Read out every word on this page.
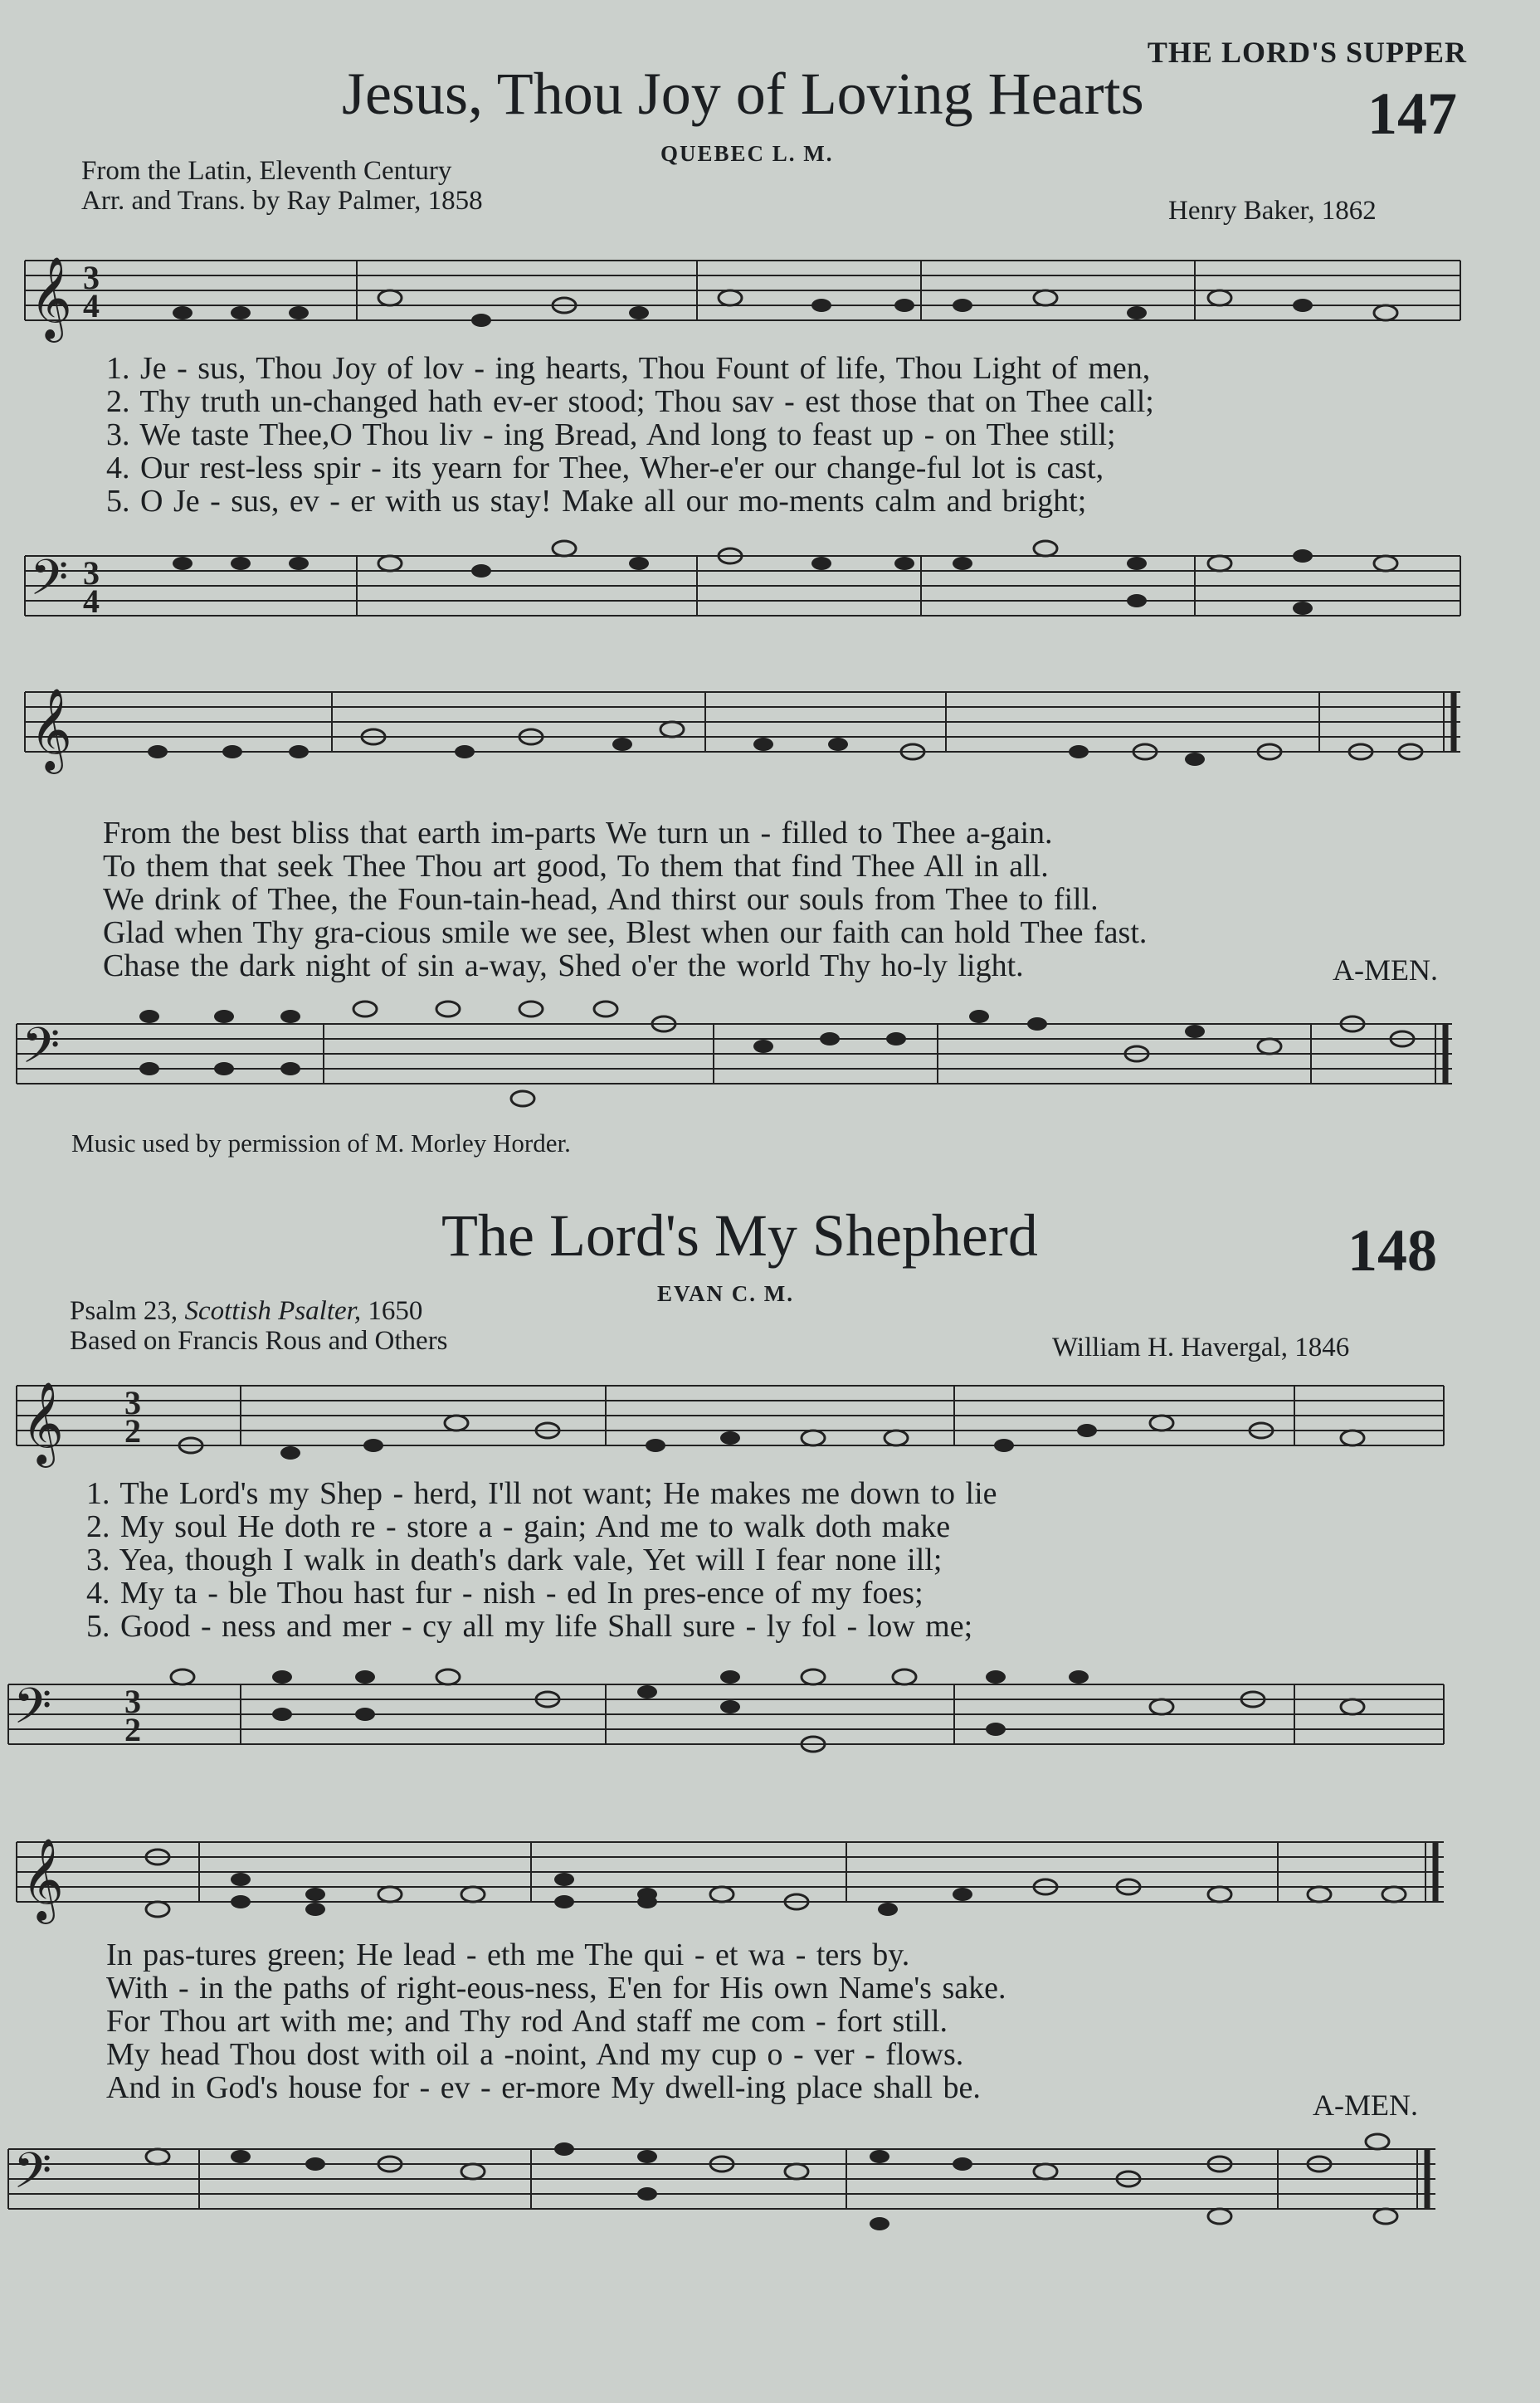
THE LORD'S SUPPER
Jesus, Thou Joy of Loving Hearts	147
QUEBEC L. M.
From the Latin, Eleventh Century
Arr. and Trans. by Ray Palmer, 1858	Henry Baker, 1862
𝄞 3
4
1. Je - sus, Thou Joy of lov - ing hearts, Thou Fount of life, Thou Light of men,
2. Thy truth un-changed hath ev-er stood; Thou sav - est those that on Thee call;
3. We taste Thee,O Thou liv - ing Bread, And long to feast up - on Thee still;
4. Our rest-less spir - its yearn for Thee, Wher-e'er our change-ful lot is cast,
5. O Je - sus, ev - er with us stay! Make all our mo-ments calm and bright;
𝄢 3
4
𝄞
From the best bliss that earth im-parts We turn un - filled to Thee a-gain.
To them that seek Thee Thou art good, To them that find Thee All in all.
We drink of Thee, the Foun-tain-head, And thirst our souls from Thee to fill.
Glad when Thy gra-cious smile we see, Blest when our faith can hold Thee fast.
Chase the dark night of sin a-way, Shed o'er the world Thy ho-ly light.	A-MEN.
𝄢
Music used by permission of M. Morley Horder.
The Lord's My Shepherd	148
EVAN C. M.
Psalm 23, Scottish Psalter, 1650
Based on Francis Rous and Others	William H. Havergal, 1846
𝄞 3
2
1. The Lord's my Shep - herd, I'll not want; He makes me down to lie
2. My soul He doth re - store a - gain; And me to walk doth make
3. Yea, though I walk in death's dark vale, Yet will I fear none ill;
4. My ta - ble Thou hast fur - nish - ed In pres-ence of my foes;
5. Good - ness and mer - cy all my life Shall sure - ly fol - low me;
𝄢 3
2
𝄞
In pas-tures green; He lead - eth me The qui - et wa - ters by.
With - in the paths of right-eous-ness, E'en for His own Name's sake.
For Thou art with me; and Thy rod And staff me com - fort still.
My head Thou dost with oil a -noint, And my cup o - ver - flows.
And in God's house for - ev - er-more My dwell-ing place shall be.	A-MEN.
𝄢
